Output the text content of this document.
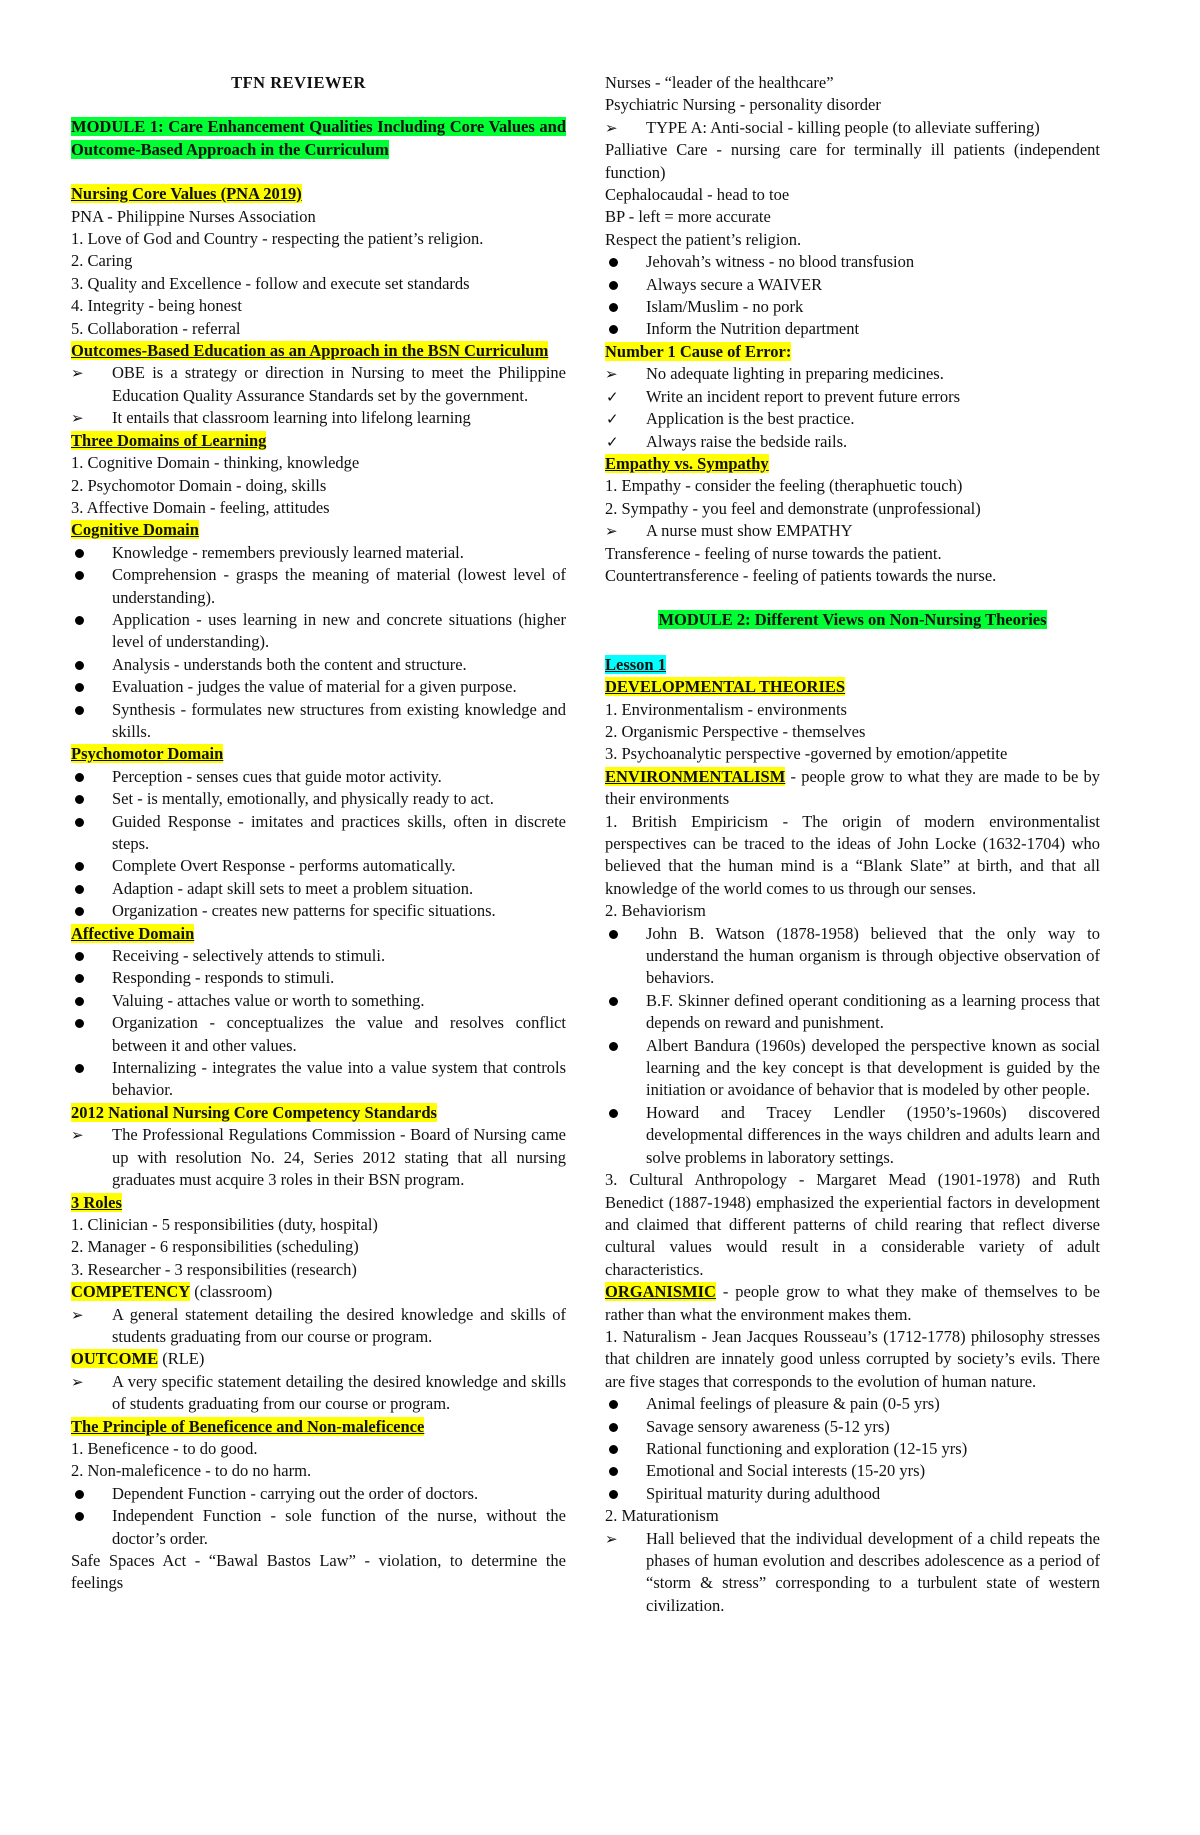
TFN REVIEWER

MODULE 1: Care Enhancement Qualities Including Core Values and Outcome-Based Approach in the Curriculum

Nursing Core Values (PNA 2019)

PNA - Philippine Nurses Association

1. Love of God and Country - respecting the patient’s religion.

2. Caring

3. Quality and Excellence - follow and execute set standards

4. Integrity - being honest

5. Collaboration - referral

Outcomes-Based Education as an Approach in the BSN Curriculum

OBE is a strategy or direction in Nursing to meet the Philippine Education Quality Assurance Standards set by the government.
It entails that classroom learning into lifelong learning

Three Domains of Learning

1. Cognitive Domain - thinking, knowledge

2. Psychomotor Domain - doing, skills

3. Affective Domain - feeling, attitudes

Cognitive Domain

Knowledge - remembers previously learned material.
Comprehension - grasps the meaning of material (lowest level of understanding).
Application - uses learning in new and concrete situations (higher level of understanding).
Analysis - understands both the content and structure.
Evaluation - judges the value of material for a given purpose.
Synthesis - formulates new structures from existing knowledge and skills.

Psychomotor Domain

Perception - senses cues that guide motor activity.
Set - is mentally, emotionally, and physically ready to act.
Guided Response - imitates and practices skills, often in discrete steps.
Complete Overt Response - performs automatically.
Adaption - adapt skill sets to meet a problem situation.
Organization - creates new patterns for specific situations.

Affective Domain

Receiving - selectively attends to stimuli.
Responding - responds to stimuli.
Valuing - attaches value or worth to something.
Organization - conceptualizes the value and resolves conflict between it and other values.
Internalizing - integrates the value into a value system that controls behavior.

2012 National Nursing Core Competency Standards

The Professional Regulations Commission - Board of Nursing came up with resolution No. 24, Series 2012 stating that all nursing graduates must acquire 3 roles in their BSN program.

3 Roles

1. Clinician - 5 responsibilities (duty, hospital)

2. Manager - 6 responsibilities (scheduling)

3. Researcher - 3 responsibilities (research)

COMPETENCY (classroom)

A general statement detailing the desired knowledge and skills of students graduating from our course or program.

OUTCOME (RLE)

A very specific statement detailing the desired knowledge and skills of students graduating from our course or program.

The Principle of Beneficence and Non-maleficence

1. Beneficence - to do good.

2. Non-maleficence - to do no harm.

Dependent Function - carrying out the order of doctors.
Independent Function - sole function of the nurse, without the doctor’s order.

Safe Spaces Act - “Bawal Bastos Law” - violation, to determine the feelings

Nurses - “leader of the healthcare”

Psychiatric Nursing - personality disorder

TYPE A: Anti-social - killing people (to alleviate suffering)

Palliative Care - nursing care for terminally ill patients (independent function)

Cephalocaudal - head to toe

BP - left = more accurate

Respect the patient’s religion.

Jehovah’s witness - no blood transfusion
Always secure a WAIVER
Islam/Muslim - no pork
Inform the Nutrition department

Number 1 Cause of Error:

No adequate lighting in preparing medicines.
Write an incident report to prevent future errors
Application is the best practice.
Always raise the bedside rails.

Empathy vs. Sympathy

1. Empathy - consider the feeling (theraphuetic touch)

2. Sympathy - you feel and demonstrate (unprofessional)

A nurse must show EMPATHY

Transference - feeling of nurse towards the patient.

Countertransference - feeling of patients towards the nurse.

MODULE 2: Different Views on Non-Nursing Theories

Lesson 1

DEVELOPMENTAL THEORIES

1. Environmentalism - environments

2. Organismic Perspective - themselves

3. Psychoanalytic perspective -governed by emotion/appetite

ENVIRONMENTALISM - people grow to what they are made to be by their environments

1. British Empiricism - The origin of modern environmentalist perspectives can be traced to the ideas of John Locke (1632-1704) who believed that the human mind is a “Blank Slate” at birth, and that all knowledge of the world comes to us through our senses.

2. Behaviorism

John B. Watson (1878-1958) believed that the only way to understand the human organism is through objective observation of behaviors.
B.F. Skinner defined operant conditioning as a learning process that depends on reward and punishment.
Albert Bandura (1960s) developed the perspective known as social learning and the key concept is that development is guided by the initiation or avoidance of behavior that is modeled by other people.
Howard and Tracey Lendler (1950’s-1960s) discovered developmental differences in the ways children and adults learn and solve problems in laboratory settings.

3. Cultural Anthropology - Margaret Mead (1901-1978) and Ruth Benedict (1887-1948) emphasized the experiential factors in development and claimed that different patterns of child rearing that reflect diverse cultural values would result in a considerable variety of adult characteristics.

ORGANISMIC - people grow to what they make of themselves to be rather than what the environment makes them.

1. Naturalism - Jean Jacques Rousseau’s (1712-1778) philosophy stresses that children are innately good unless corrupted by society’s evils. There are five stages that corresponds to the evolution of human nature.

Animal feelings of pleasure & pain (0-5 yrs)
Savage sensory awareness (5-12 yrs)
Rational functioning and exploration (12-15 yrs)
Emotional and Social interests (15-20 yrs)
Spiritual maturity during adulthood

2. Maturationism

Hall believed that the individual development of a child repeats the phases of human evolution and describes adolescence as a period of “storm & stress” corresponding to a turbulent state of western civilization.
